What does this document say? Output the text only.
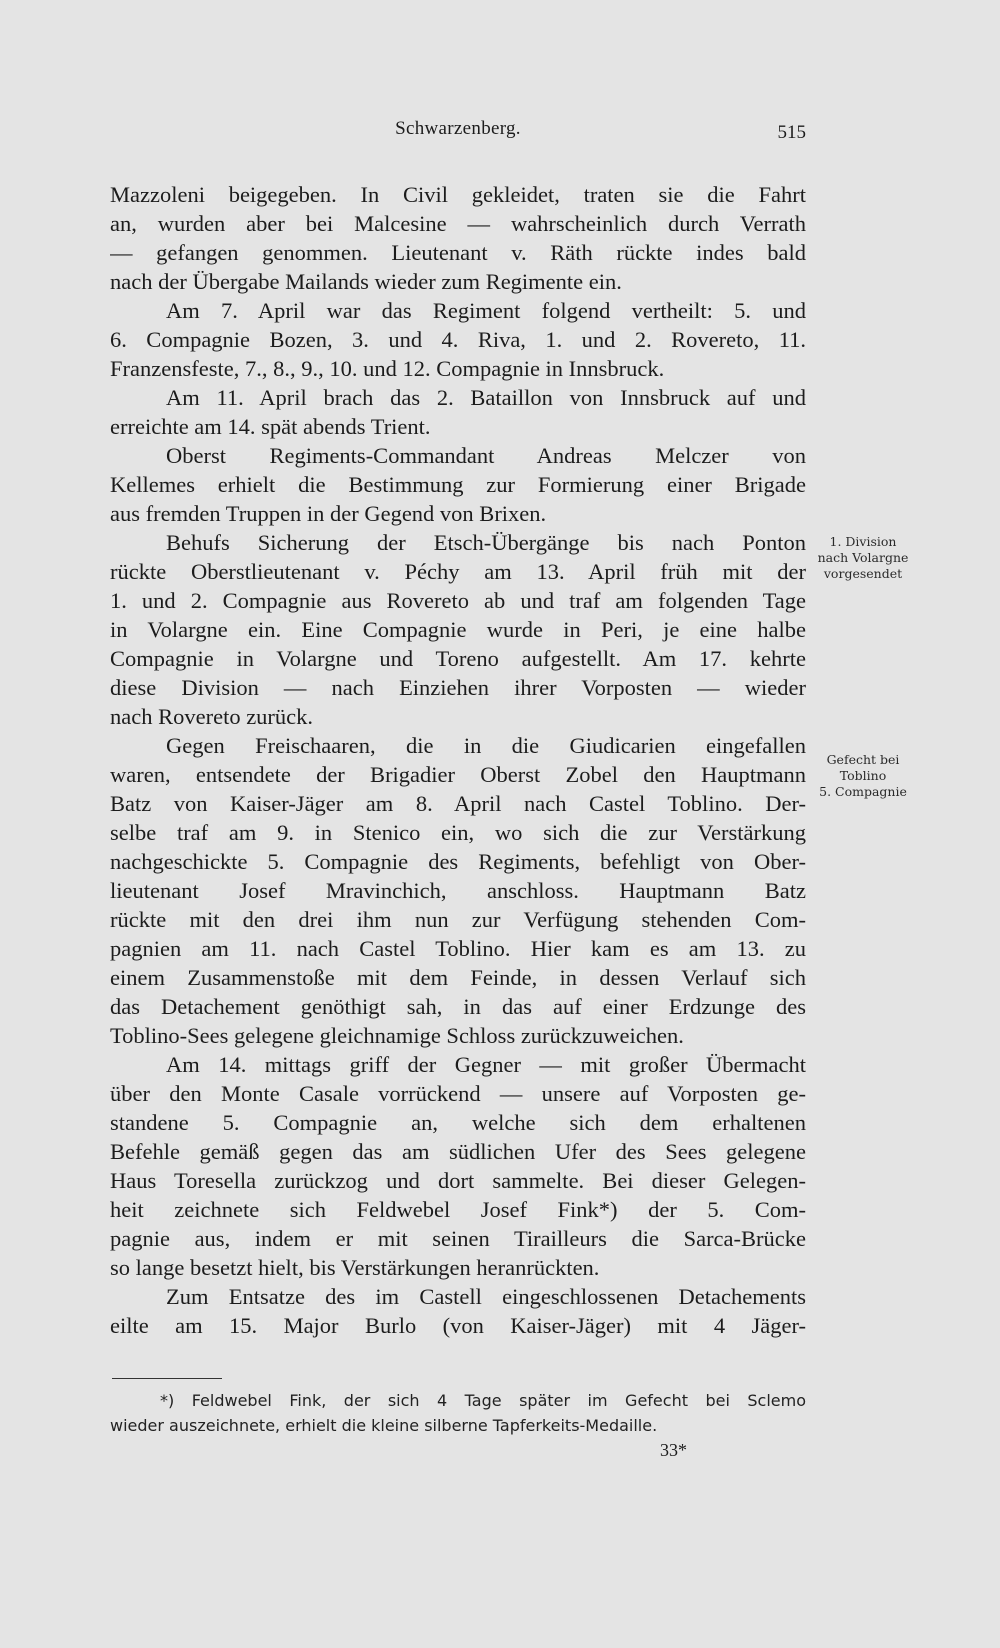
Schwarzenberg.	515
Mazzoleni beigegeben. In Civil gekleidet, traten sie die Fahrt
an, wurden aber bei Malcesine — wahrscheinlich durch Verrath
— gefangen genommen. Lieutenant v. Räth rückte indes bald
nach der Übergabe Mailands wieder zum Regimente ein.
Am 7. April war das Regiment folgend vertheilt: 5. und
6. Compagnie Bozen, 3. und 4. Riva, 1. und 2. Rovereto, 11.
Franzensfeste, 7., 8., 9., 10. und 12. Compagnie in Innsbruck.
Am 11. April brach das 2. Bataillon von Innsbruck auf und
erreichte am 14. spät abends Trient.
Oberst Regiments-Commandant Andreas Melczer von
Kellemes erhielt die Bestimmung zur Formierung einer Brigade
aus fremden Truppen in der Gegend von Brixen.
Behufs Sicherung der Etsch-Übergänge bis nach Ponton
rückte Oberstlieutenant v. Péchy am 13. April früh mit der
1. und 2. Compagnie aus Rovereto ab und traf am folgenden Tage
in Volargne ein. Eine Compagnie wurde in Peri, je eine halbe
Compagnie in Volargne und Toreno aufgestellt. Am 17. kehrte
diese Division — nach Einziehen ihrer Vorposten — wieder
nach Rovereto zurück.
Gegen Freischaaren, die in die Giudicarien eingefallen
waren, entsendete der Brigadier Oberst Zobel den Hauptmann
Batz von Kaiser-Jäger am 8. April nach Castel Toblino. Der-
selbe traf am 9. in Stenico ein, wo sich die zur Verstärkung
nachgeschickte 5. Compagnie des Regiments, befehligt von Ober-
lieutenant Josef Mravinchich, anschloss. Hauptmann Batz
rückte mit den drei ihm nun zur Verfügung stehenden Com-
pagnien am 11. nach Castel Toblino. Hier kam es am 13. zu
einem Zusammenstoße mit dem Feinde, in dessen Verlauf sich
das Detachement genöthigt sah, in das auf einer Erdzunge des
Toblino-Sees gelegene gleichnamige Schloss zurückzuweichen.
Am 14. mittags griff der Gegner — mit großer Übermacht
über den Monte Casale vorrückend — unsere auf Vorposten ge-
standene 5. Compagnie an, welche sich dem erhaltenen
Befehle gemäß gegen das am südlichen Ufer des Sees gelegene
Haus Toresella zurückzog und dort sammelte. Bei dieser Gelegen-
heit zeichnete sich Feldwebel Josef Fink*) der 5. Com-
pagnie aus, indem er mit seinen Tirailleurs die Sarca-Brücke
so lange besetzt hielt, bis Verstärkungen heranrückten.
Zum Entsatze des im Castell eingeschlossenen Detachements
eilte am 15. Major Burlo (von Kaiser-Jäger) mit 4 Jäger-
1. Division
nach Volargne
vorgesendet
Gefecht bei
Toblino
5. Compagnie
*) Feldwebel Fink, der sich 4 Tage später im Gefecht bei Sclemo
wieder auszeichnete, erhielt die kleine silberne Tapferkeits-Medaille.
33*
